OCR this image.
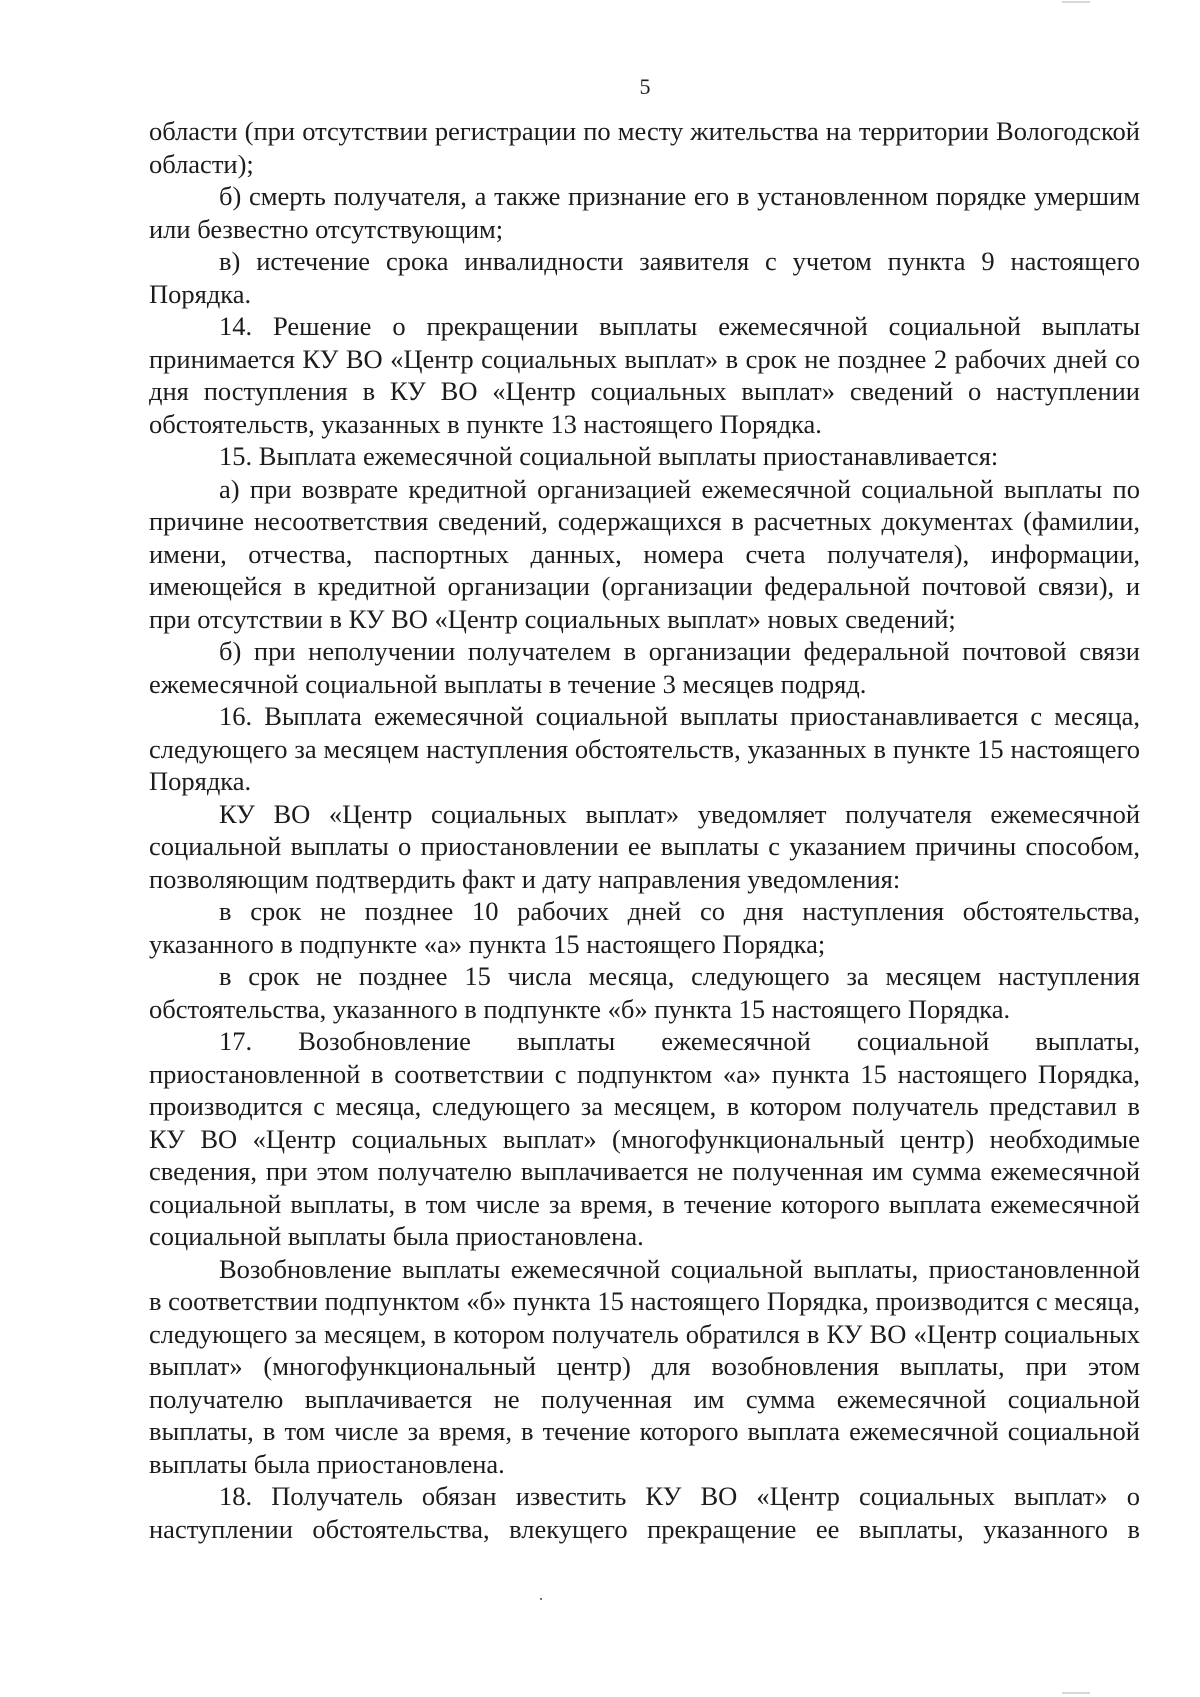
5

области (при отсутствии регистрации по месту жительства на территории Вологодской области);

б) смерть получателя, а также признание его в установленном порядке умершим или безвестно отсутствующим;

в) истечение срока инвалидности заявителя с учетом пункта 9 настоящего Порядка.

14. Решение о прекращении выплаты ежемесячной социальной выплаты принимается КУ ВО «Центр социальных выплат» в срок не позднее 2 рабочих дней со дня поступления в КУ ВО «Центр социальных выплат» сведений о наступлении обстоятельств, указанных в пункте 13 настоящего Порядка.

15. Выплата ежемесячной социальной выплаты приостанавливается:

а) при возврате кредитной организацией ежемесячной социальной выплаты по причине несоответствия сведений, содержащихся в расчетных документах (фамилии, имени, отчества, паспортных данных, номера счета получателя), информации, имеющейся в кредитной организации (организации федеральной почтовой связи), и при отсутствии в КУ ВО «Центр социальных выплат» новых сведений;

б) при неполучении получателем в организации федеральной почтовой связи ежемесячной социальной выплаты в течение 3 месяцев подряд.

16. Выплата ежемесячной социальной выплаты приостанавливается с месяца, следующего за месяцем наступления обстоятельств, указанных в пункте 15 настоящего Порядка.

КУ ВО «Центр социальных выплат» уведомляет получателя ежемесячной социальной выплаты о приостановлении ее выплаты с указанием причины способом, позволяющим подтвердить факт и дату направления уведомления:

в срок не позднее 10 рабочих дней со дня наступления обстоятельства, указанного в подпункте «а» пункта 15 настоящего Порядка;

в срок не позднее 15 числа месяца, следующего за месяцем наступления обстоятельства, указанного в подпункте «б» пункта 15 настоящего Порядка.

17. Возобновление выплаты ежемесячной социальной выплаты, приостановленной в соответствии с подпунктом «а» пункта 15 настоящего Порядка, производится с месяца, следующего за месяцем, в котором получатель представил в КУ ВО «Центр социальных выплат» (многофункциональный центр) необходимые сведения, при этом получателю выплачивается не полученная им сумма ежемесячной социальной выплаты, в том числе за время, в течение которого выплата ежемесячной социальной выплаты была приостановлена.

Возобновление выплаты ежемесячной социальной выплаты, приостановленной в соответствии подпунктом «б» пункта 15 настоящего Порядка, производится с месяца, следующего за месяцем, в котором получатель обратился в КУ ВО «Центр социальных выплат» (многофункциональный центр) для возобновления выплаты, при этом получателю выплачивается не полученная им сумма ежемесячной социальной выплаты, в том числе за время, в течение которого выплата ежемесячной социальной выплаты была приостановлена.

18. Получатель обязан известить КУ ВО «Центр социальных выплат» о наступлении обстоятельства, влекущего прекращение ее выплаты, указанного в
